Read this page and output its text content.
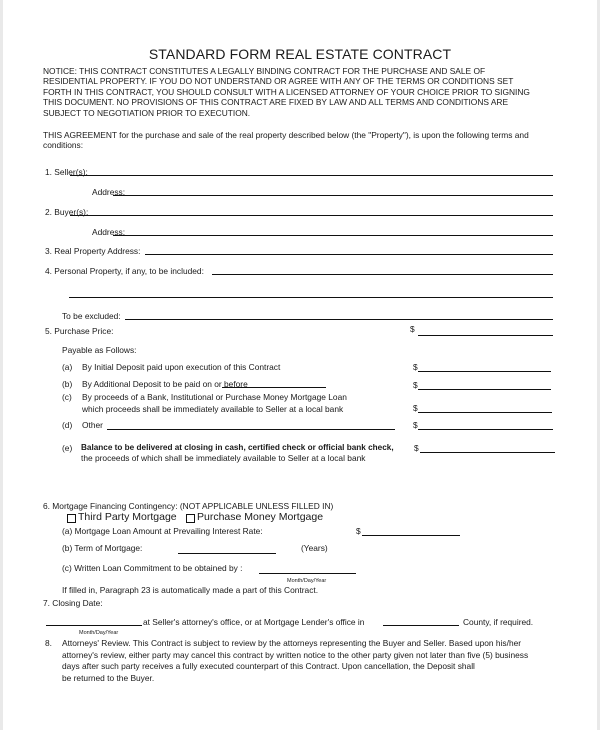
STANDARD FORM REAL ESTATE CONTRACT
NOTICE: THIS CONTRACT CONSTITUTES A LEGALLY BINDING CONTRACT FOR THE PURCHASE AND SALE OF
RESIDENTIAL PROPERTY. IF YOU DO NOT UNDERSTAND OR AGREE WITH ANY OF THE TERMS OR CONDITIONS SET
FORTH IN THIS CONTRACT, YOU SHOULD CONSULT WITH A LICENSED ATTORNEY OF YOUR CHOICE PRIOR TO SIGNING
THIS DOCUMENT. NO PROVISIONS OF THIS CONTRACT ARE FIXED BY LAW AND ALL TERMS AND CONDITIONS ARE
SUBJECT TO NEGOTIATION PRIOR TO EXECUTION.
THIS AGREEMENT for the purchase and sale of the real property described below (the "Property"), is upon the following terms and
conditions:
1. Seller(s):
Address:
2. Buyer(s):
Address:
3. Real Property Address:
4. Personal Property, if any, to be included:
To be excluded:
5. Purchase Price:	$
Payable as Follows:
(a) By Initial Deposit paid upon execution of this Contract	$
(b) By Additional Deposit to be paid on or before	$
(c) By proceeds of a Bank, Institutional or Purchase Money Mortgage Loan
which proceeds shall be immediately available to Seller at a local bank	$
(d) Other	$
(e) Balance to be delivered at closing in cash, certified check or official bank check,
the proceeds of which shall be immediately available to Seller at a local bank
$
6. Mortgage Financing Contingency: (NOT APPLICABLE UNLESS FILLED IN)
Third Party Mortgage Purchase Money Mortgage
(a) Mortgage Loan Amount at Prevailing Interest Rate:	$
(b) Term of Mortgage:	(Years)
(c) Written Loan Commitment to be obtained by :
Month/Day/Year
If filled in, Paragraph 23 is automatically made a part of this Contract.
7. Closing Date:
at Seller's attorney's office, or at Mortgage Lender's office in	County, if required.
Month/Day/Year
8. Attorneys' Review. This Contract is subject to review by the attorneys representing the Buyer and Seller. Based upon his/her
attorney's review, either party may cancel this contract by written notice to the other party given not later than five (5) business
days after such party receives a fully executed counterpart of this Contract. Upon cancellation, the Deposit shall
be returned to the Buyer.
